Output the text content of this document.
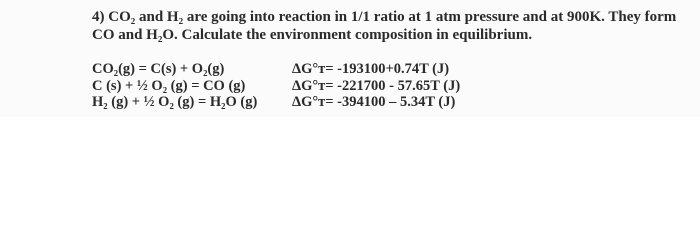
4) CO₂ and H₂ are going into reaction in 1/1 ratio at 1 atm pressure and at 900K. They form
CO and H₂O. Calculate the environment composition in equilibrium.
CO₂(g) = C(s) + O₂(g)
C (s) + ½ O₂ (g) = CO (g)
H₂ (g) + ½ O₂ (g) = H₂O (g)
ΔG°ᴛ= -193100+0.74T (J)
ΔG°ᴛ= -221700 - 57.65T (J)
ΔG°ᴛ= -394100 – 5.34T (J)
